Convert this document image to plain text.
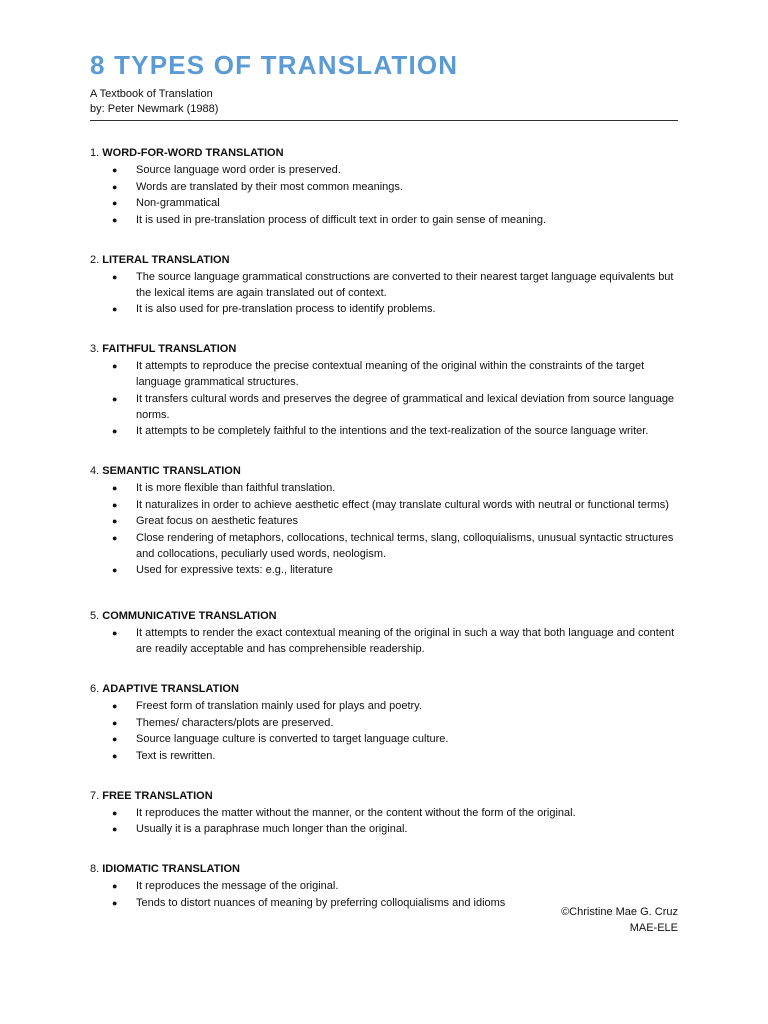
8 TYPES OF TRANSLATION
A Textbook of Translation
by: Peter Newmark (1988)
1. WORD-FOR-WORD TRANSLATION
● Source language word order is preserved.
● Words are translated by their most common meanings.
● Non-grammatical
● It is used in pre-translation process of difficult text in order to gain sense of meaning.
2. LITERAL TRANSLATION
● The source language grammatical constructions are converted to their nearest target language equivalents but the lexical items are again translated out of context.
● It is also used for pre-translation process to identify problems.
3. FAITHFUL TRANSLATION
● It attempts to reproduce the precise contextual meaning of the original within the constraints of the target language grammatical structures.
● It transfers cultural words and preserves the degree of grammatical and lexical deviation from source language norms.
● It attempts to be completely faithful to the intentions and the text-realization of the source language writer.
4. SEMANTIC TRANSLATION
● It is more flexible than faithful translation.
● It naturalizes in order to achieve aesthetic effect (may translate cultural words with neutral or functional terms)
● Great focus on aesthetic features
● Close rendering of metaphors, collocations, technical terms, slang, colloquialisms, unusual syntactic structures and collocations, peculiarly used words, neologism.
● Used for expressive texts: e.g., literature
5. COMMUNICATIVE TRANSLATION
● It attempts to render the exact contextual meaning of the original in such a way that both language and content are readily acceptable and has comprehensible readership.
6. ADAPTIVE TRANSLATION
● Freest form of translation mainly used for plays and poetry.
● Themes/ characters/plots are preserved.
● Source language culture is converted to target language culture.
● Text is rewritten.
7. FREE TRANSLATION
● It reproduces the matter without the manner, or the content without the form of the original.
● Usually it is a paraphrase much longer than the original.
8. IDIOMATIC TRANSLATION
● It reproduces the message of the original.
● Tends to distort nuances of meaning by preferring colloquialisms and idioms
©Christine Mae G. Cruz
MAE-ELE
